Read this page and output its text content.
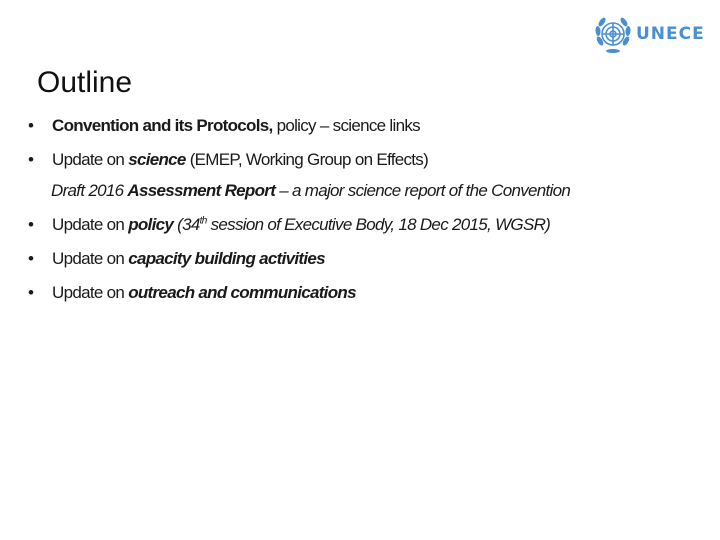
UNECE
Outline
• Convention and its Protocols, policy – science links
• Update on science (EMEP, Working Group on Effects)
Draft 2016 Assessment Report – a major science report of the Convention
• Update on policy (34th session of Executive Body, 18 Dec 2015, WGSR)
• Update on capacity building activities
• Update on outreach and communications
